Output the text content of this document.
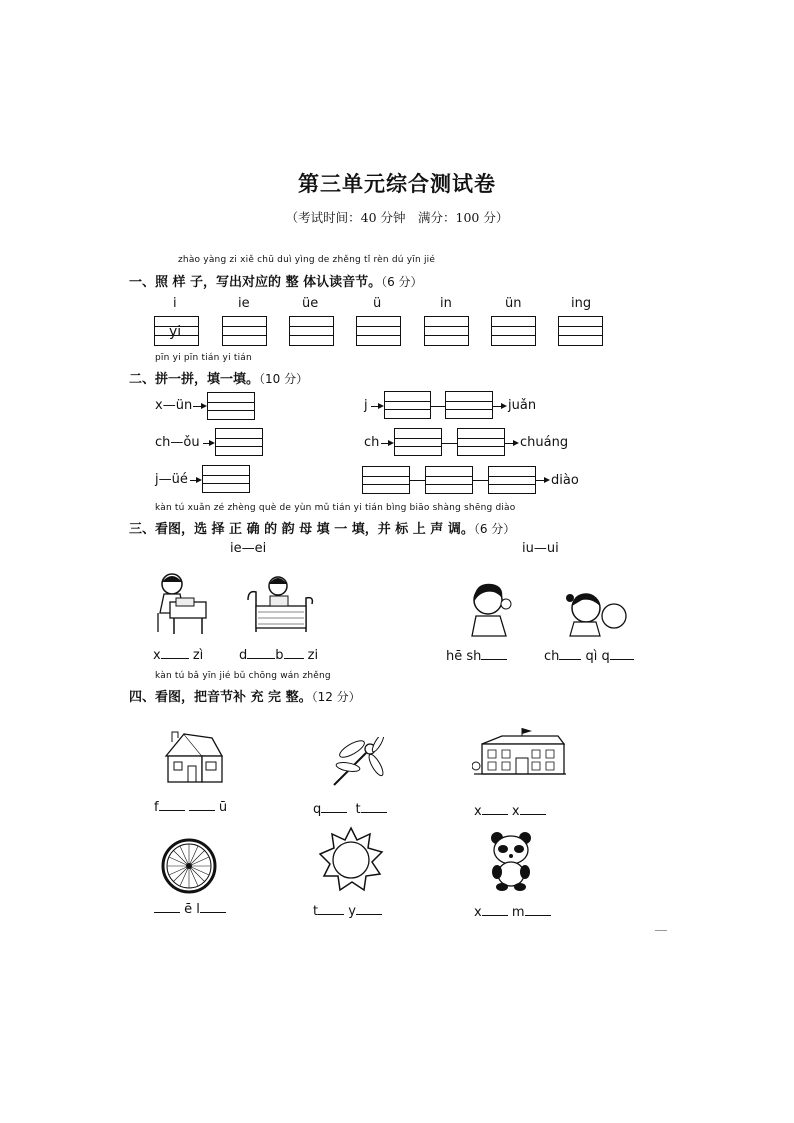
第三单元综合测试卷
（考试时间：40 分钟　满分：100 分）
zhào yàng zi xiě chū duì yìng de zhěng tǐ rèn dú yīn jié
一、照 样 子，写出对应的 整 体认读音节。（6 分）
i	ie	üe	ü	in	ün	ing
yi
pīn yi pīn tián yi tián
二、拼一拼，填一填。（10 分）
x—ün
ch—ǒu
j—üé
j	juǎn
ch	chuáng
diào
kàn tú xuǎn zé zhèng què de yùn mǔ tián yi tián bìng biāo shàng shēng diào
三、看图，选 择 正 确 的 韵 母 填 一 填，并 标 上 声 调。（6 分）
ie—ei	iu—ui
x zì	d b zi	hē sh	ch qì q
kàn tú bǎ yīn jié bǔ chōng wán zhěng
四、看图，把音节补 充 完 整。（12 分）
f	ū	q	t	x x
ē l	t y	x m
